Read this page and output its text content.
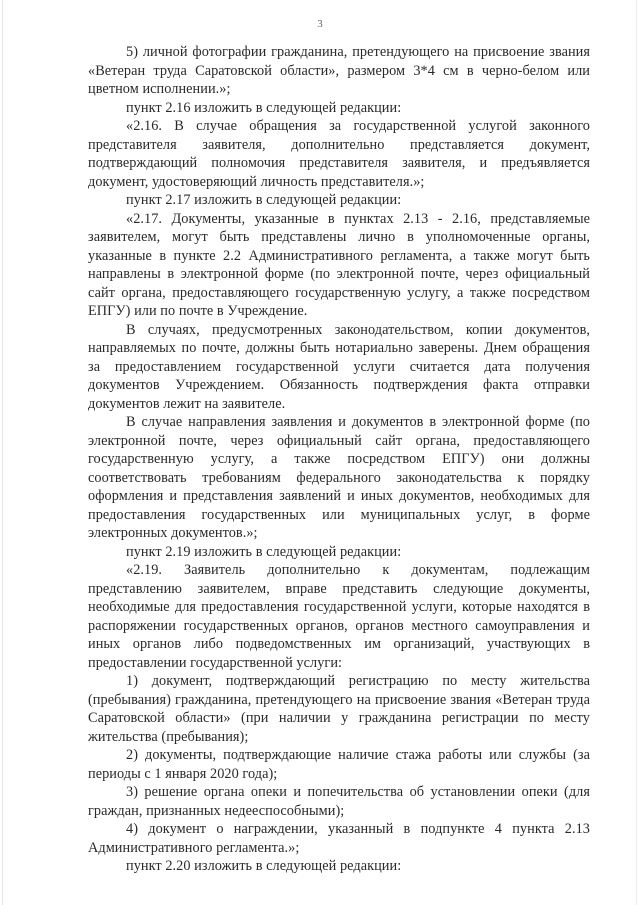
3

5) личной фотографии гражданина, претендующего на присвоение звания «Ветеран труда Саратовской области», размером 3*4 см в черно-белом или цветном исполнении.»;

пункт 2.16 изложить в следующей редакции:

«2.16. В случае обращения за государственной услугой законного представителя заявителя, дополнительно представляется документ, подтверждающий полномочия представителя заявителя, и предъявляется документ, удостоверяющий личность представителя.»;

пункт 2.17 изложить в следующей редакции:

«2.17. Документы, указанные в пунктах 2.13 - 2.16, представляемые заявителем, могут быть представлены лично в уполномоченные органы, указанные в пункте 2.2 Административного регламента, а также могут быть направлены в электронной форме (по электронной почте, через официальный сайт органа, предоставляющего государственную услугу, а также посредством ЕПГУ) или по почте в Учреждение.

В случаях, предусмотренных законодательством, копии документов, направляемых по почте, должны быть нотариально заверены. Днем обращения за предоставлением государственной услуги считается дата получения документов Учреждением. Обязанность подтверждения факта отправки документов лежит на заявителе.

В случае направления заявления и документов в электронной форме (по электронной почте, через официальный сайт органа, предоставляющего государственную услугу, а также посредством ЕПГУ) они должны соответствовать требованиям федерального законодательства к порядку оформления и представления заявлений и иных документов, необходимых для предоставления государственных или муниципальных услуг, в форме электронных документов.»;

пункт 2.19 изложить в следующей редакции:

«2.19. Заявитель дополнительно к документам, подлежащим представлению заявителем, вправе представить следующие документы, необходимые для предоставления государственной услуги, которые находятся в распоряжении государственных органов, органов местного самоуправления и иных органов либо подведомственных им организаций, участвующих в предоставлении государственной услуги:

1) документ, подтверждающий регистрацию по месту жительства (пребывания) гражданина, претендующего на присвоение звания «Ветеран труда Саратовской области» (при наличии у гражданина регистрации по месту жительства (пребывания);

2) документы, подтверждающие наличие стажа работы или службы (за периоды с 1 января 2020 года);

3) решение органа опеки и попечительства об установлении опеки (для граждан, признанных недееспособными);

4) документ о награждении, указанный в подпункте 4 пункта 2.13 Административного регламента.»;

пункт 2.20 изложить в следующей редакции:
